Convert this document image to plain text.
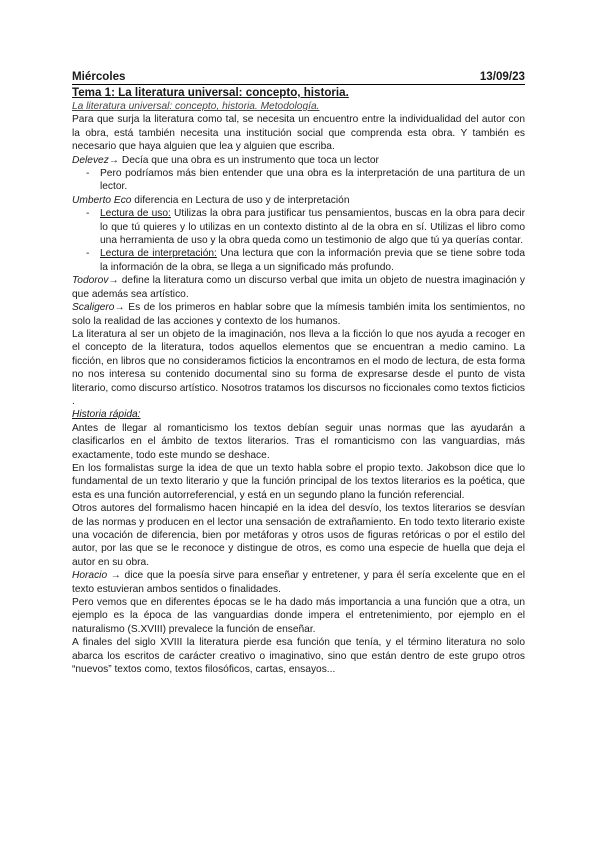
Miércoles	13/09/23
Tema 1: La literatura universal: concepto, historia.
La literatura universal: concepto, historia. Metodología.

Para que surja la literatura como tal, se necesita un encuentro entre la individualidad del autor con la obra, está también necesita una institución social que comprenda esta obra. Y también es necesario que haya alguien que lea y alguien que escriba.

Delevez→ Decía que una obra es un instrumento que toca un lector

- Pero podríamos más bien entender que una obra es la interpretación de una partitura de un lector.

Umberto Eco diferencia en Lectura de uso y de interpretación

- Lectura de uso: Utilizas la obra para justificar tus pensamientos, buscas en la obra para decir lo que tú quieres y lo utilizas en un contexto distinto al de la obra en sí. Utilizas el libro como una herramienta de uso y la obra queda como un testimonio de algo que tú ya querías contar.
- Lectura de interpretación: Una lectura que con la información previa que se tiene sobre toda la información de la obra, se llega a un significado más profundo.

Todorov→ define la literatura como un discurso verbal que imita un objeto de nuestra imaginación y que además sea artístico.

Scaligero→ Es de los primeros en hablar sobre que la mímesis también imita los sentimientos, no solo la realidad de las acciones y contexto de los humanos.

La literatura al ser un objeto de la imaginación, nos lleva a la ficción lo que nos ayuda a recoger en el concepto de la literatura, todos aquellos elementos que se encuentran a medio camino. La ficción, en libros que no consideramos ficticios la encontramos en el modo de lectura, de esta forma no nos interesa su contenido documental sino su forma de expresarse desde el punto de vista literario, como discurso artístico. Nosotros tratamos los discursos no ficcionales como textos ficticios .

Historia rápida:

Antes de llegar al romanticismo los textos debían seguir unas normas que las ayudarán a clasificarlos en el ámbito de textos literarios. Tras el romanticismo con las vanguardias, más exactamente, todo este mundo se deshace.

En los formalistas surge la idea de que un texto habla sobre el propio texto. Jakobson dice que lo fundamental de un texto literario y que la función principal de los textos literarios es la poética, que esta es una función autorreferencial, y está en un segundo plano la función referencial.

Otros autores del formalismo hacen hincapié en la idea del desvío, los textos literarios se desvían de las normas y producen en el lector una sensación de extrañamiento. En todo texto literario existe una vocación de diferencia, bien por metáforas y otros usos de figuras retóricas o por el estilo del autor, por las que se le reconoce y distingue de otros, es como una especie de huella que deja el autor en su obra.

Horacio → dice que la poesía sirve para enseñar y entretener, y para él sería excelente que en el texto estuvieran ambos sentidos o finalidades.

Pero vemos que en diferentes épocas se le ha dado más importancia a una función que a otra, un ejemplo es la época de las vanguardias donde impera el entretenimiento, por ejemplo en el naturalismo (S.XVIII) prevalece la función de enseñar.

A finales del siglo XVIII la literatura pierde esa función que tenía, y el término literatura no solo abarca los escritos de carácter creativo o imaginativo, sino que están dentro de este grupo otros “nuevos” textos como, textos filosóficos, cartas, ensayos...
